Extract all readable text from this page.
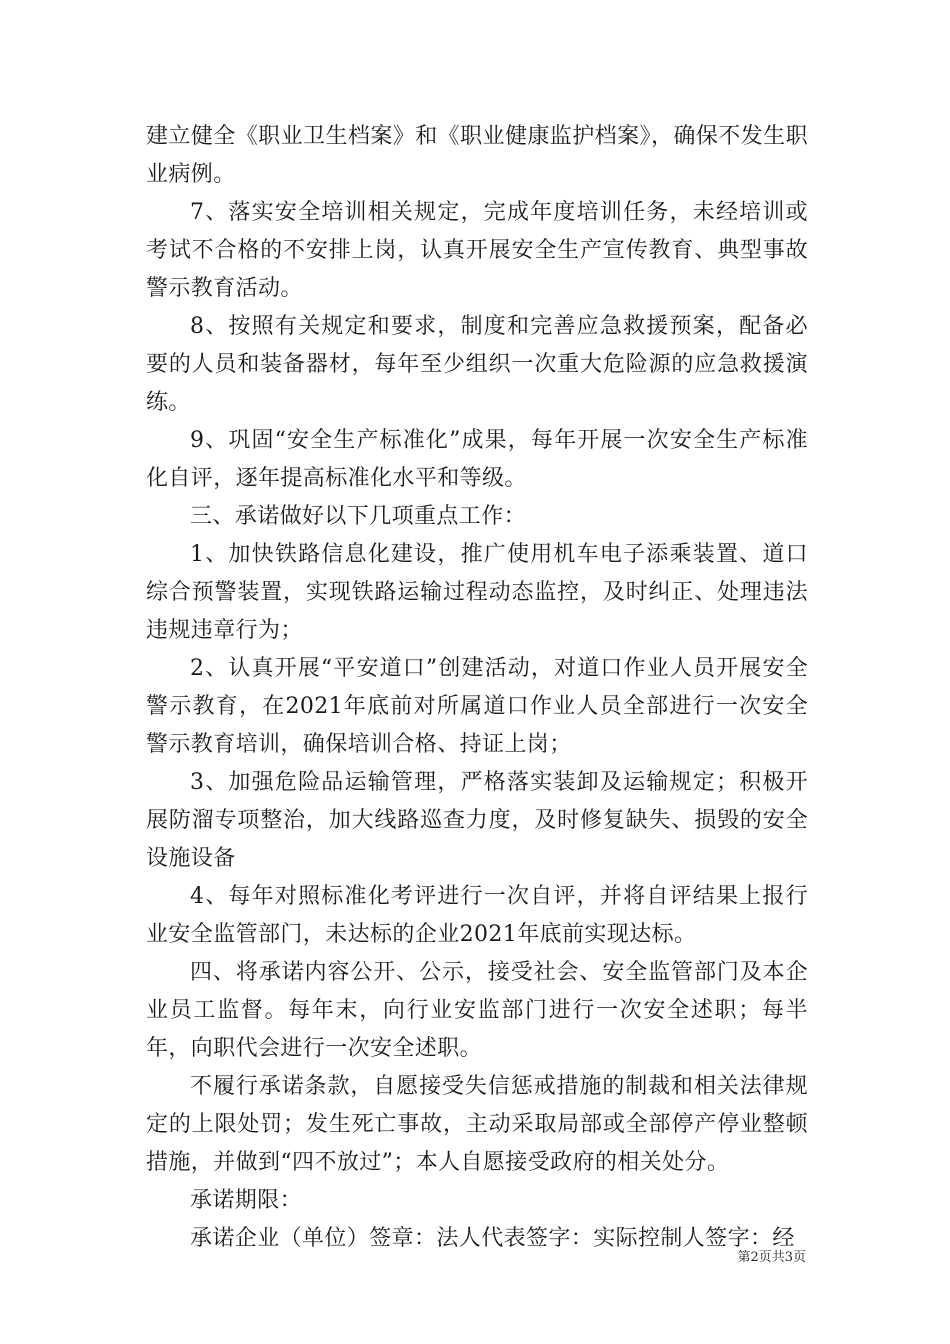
建立健全《职业卫生档案》和《职业健康监护档案》，确保不发生职业病例。

7、落实安全培训相关规定，完成年度培训任务，未经培训或考试不合格的不安排上岗，认真开展安全生产宣传教育、典型事故警示教育活动。

8、按照有关规定和要求，制度和完善应急救援预案，配备必要的人员和装备器材，每年至少组织一次重大危险源的应急救援演练。

9、巩固“安全生产标准化”成果，每年开展一次安全生产标准化自评，逐年提高标准化水平和等级。

三、承诺做好以下几项重点工作：

1、加快铁路信息化建设，推广使用机车电子添乘装置、道口综合预警装置，实现铁路运输过程动态监控，及时纠正、处理违法违规违章行为；

2、认真开展“平安道口”创建活动，对道口作业人员开展安全警示教育，在2021年底前对所属道口作业人员全部进行一次安全警示教育培训，确保培训合格、持证上岗；

3、加强危险品运输管理，严格落实装卸及运输规定；积极开展防溜专项整治，加大线路巡查力度，及时修复缺失、损毁的安全设施设备

4、每年对照标准化考评进行一次自评，并将自评结果上报行业安全监管部门，未达标的企业2021年底前实现达标。

四、将承诺内容公开、公示，接受社会、安全监管部门及本企业员工监督。每年末，向行业安监部门进行一次安全述职；每半年，向职代会进行一次安全述职。

不履行承诺条款，自愿接受失信惩戒措施的制裁和相关法律规定的上限处罚；发生死亡事故，主动采取局部或全部停产停业整顿措施，并做到“四不放过”；本人自愿接受政府的相关处分。

承诺期限：

承诺企业（单位）签章：法人代表签字：实际控制人签字：经

第2页共3页
